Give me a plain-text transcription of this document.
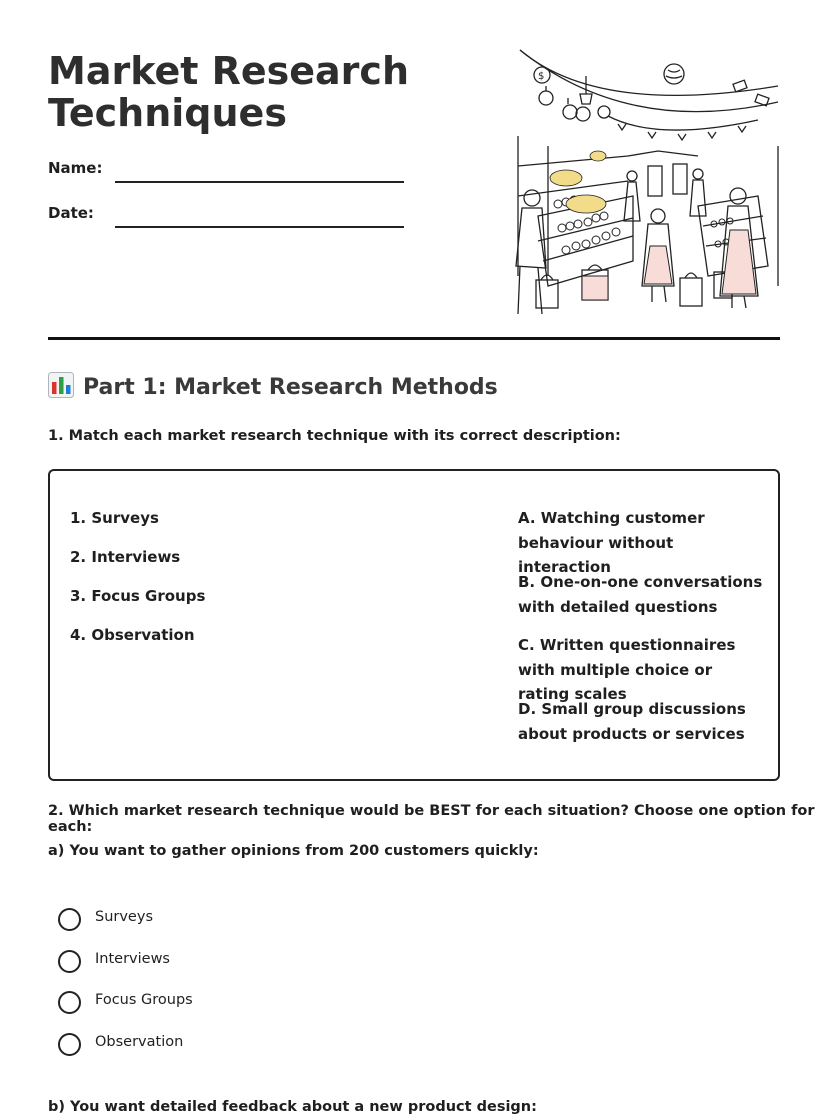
Market Research
Techniques
Name:
Date:
$
Part 1: Market Research Methods
1. Match each market research technique with its correct description:
1. Surveys
2. Interviews
3. Focus Groups
4. Observation
A. Watching customer behaviour without interaction
B. One-on-one conversations with detailed questions
C. Written questionnaires with multiple choice or rating scales
D. Small group discussions about products or services
2. Which market research technique would be BEST for each situation? Choose one option for each:
a) You want to gather opinions from 200 customers quickly:
Surveys
Interviews
Focus Groups
Observation
b) You want detailed feedback about a new product design:
